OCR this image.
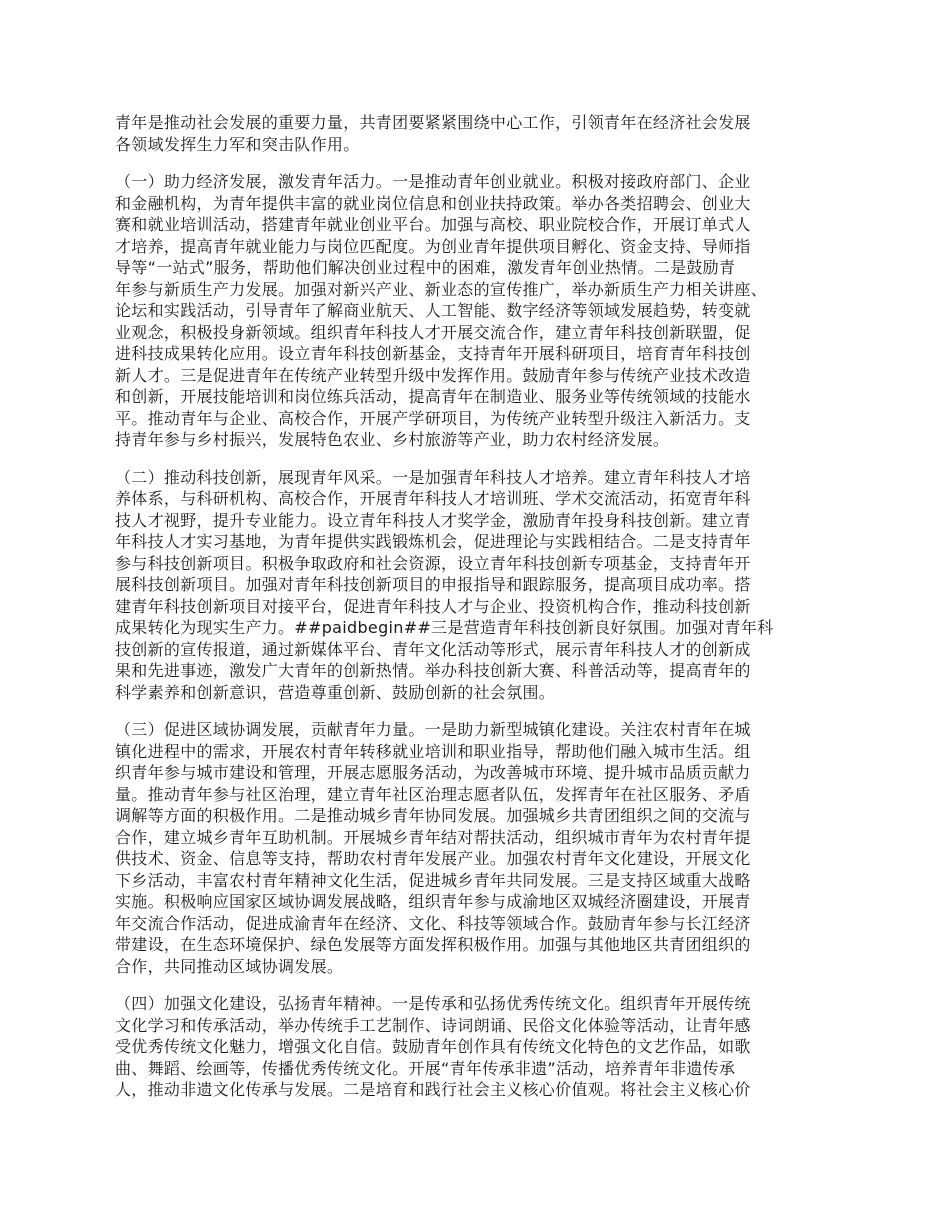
青年是推动社会发展的重要力量，共青团要紧紧围绕中心工作，引领青年在经济社会发展
各领域发挥生力军和突击队作用。

（一）助力经济发展，激发青年活力。一是推动青年创业就业。积极对接政府部门、企业
和金融机构，为青年提供丰富的就业岗位信息和创业扶持政策。举办各类招聘会、创业大
赛和就业培训活动，搭建青年就业创业平台。加强与高校、职业院校合作，开展订单式人
才培养，提高青年就业能力与岗位匹配度。为创业青年提供项目孵化、资金支持、导师指
导等“一站式”服务，帮助他们解决创业过程中的困难，激发青年创业热情。二是鼓励青
年参与新质生产力发展。加强对新兴产业、新业态的宣传推广，举办新质生产力相关讲座、
论坛和实践活动，引导青年了解商业航天、人工智能、数字经济等领域发展趋势，转变就
业观念，积极投身新领域。组织青年科技人才开展交流合作，建立青年科技创新联盟，促
进科技成果转化应用。设立青年科技创新基金，支持青年开展科研项目，培育青年科技创
新人才。三是促进青年在传统产业转型升级中发挥作用。鼓励青年参与传统产业技术改造
和创新，开展技能培训和岗位练兵活动，提高青年在制造业、服务业等传统领域的技能水
平。推动青年与企业、高校合作，开展产学研项目，为传统产业转型升级注入新活力。支
持青年参与乡村振兴，发展特色农业、乡村旅游等产业，助力农村经济发展。

（二）推动科技创新，展现青年风采。一是加强青年科技人才培养。建立青年科技人才培
养体系，与科研机构、高校合作，开展青年科技人才培训班、学术交流活动，拓宽青年科
技人才视野，提升专业能力。设立青年科技人才奖学金，激励青年投身科技创新。建立青
年科技人才实习基地，为青年提供实践锻炼机会，促进理论与实践相结合。二是支持青年
参与科技创新项目。积极争取政府和社会资源，设立青年科技创新专项基金，支持青年开
展科技创新项目。加强对青年科技创新项目的申报指导和跟踪服务，提高项目成功率。搭
建青年科技创新项目对接平台，促进青年科技人才与企业、投资机构合作，推动科技创新
成果转化为现实生产力。##paidbegin##三是营造青年科技创新良好氛围。加强对青年科
技创新的宣传报道，通过新媒体平台、青年文化活动等形式，展示青年科技人才的创新成
果和先进事迹，激发广大青年的创新热情。举办科技创新大赛、科普活动等，提高青年的
科学素养和创新意识，营造尊重创新、鼓励创新的社会氛围。

（三）促进区域协调发展，贡献青年力量。一是助力新型城镇化建设。关注农村青年在城
镇化进程中的需求，开展农村青年转移就业培训和职业指导，帮助他们融入城市生活。组
织青年参与城市建设和管理，开展志愿服务活动，为改善城市环境、提升城市品质贡献力
量。推动青年参与社区治理，建立青年社区治理志愿者队伍，发挥青年在社区服务、矛盾
调解等方面的积极作用。二是推动城乡青年协同发展。加强城乡共青团组织之间的交流与
合作，建立城乡青年互助机制。开展城乡青年结对帮扶活动，组织城市青年为农村青年提
供技术、资金、信息等支持，帮助农村青年发展产业。加强农村青年文化建设，开展文化
下乡活动，丰富农村青年精神文化生活，促进城乡青年共同发展。三是支持区域重大战略
实施。积极响应国家区域协调发展战略，组织青年参与成渝地区双城经济圈建设，开展青
年交流合作活动，促进成渝青年在经济、文化、科技等领域合作。鼓励青年参与长江经济
带建设，在生态环境保护、绿色发展等方面发挥积极作用。加强与其他地区共青团组织的
合作，共同推动区域协调发展。

（四）加强文化建设，弘扬青年精神。一是传承和弘扬优秀传统文化。组织青年开展传统
文化学习和传承活动，举办传统手工艺制作、诗词朗诵、民俗文化体验等活动，让青年感
受优秀传统文化魅力，增强文化自信。鼓励青年创作具有传统文化特色的文艺作品，如歌
曲、舞蹈、绘画等，传播优秀传统文化。开展“青年传承非遗”活动，培养青年非遗传承
人，推动非遗文化传承与发展。二是培育和践行社会主义核心价值观。将社会主义核心价
